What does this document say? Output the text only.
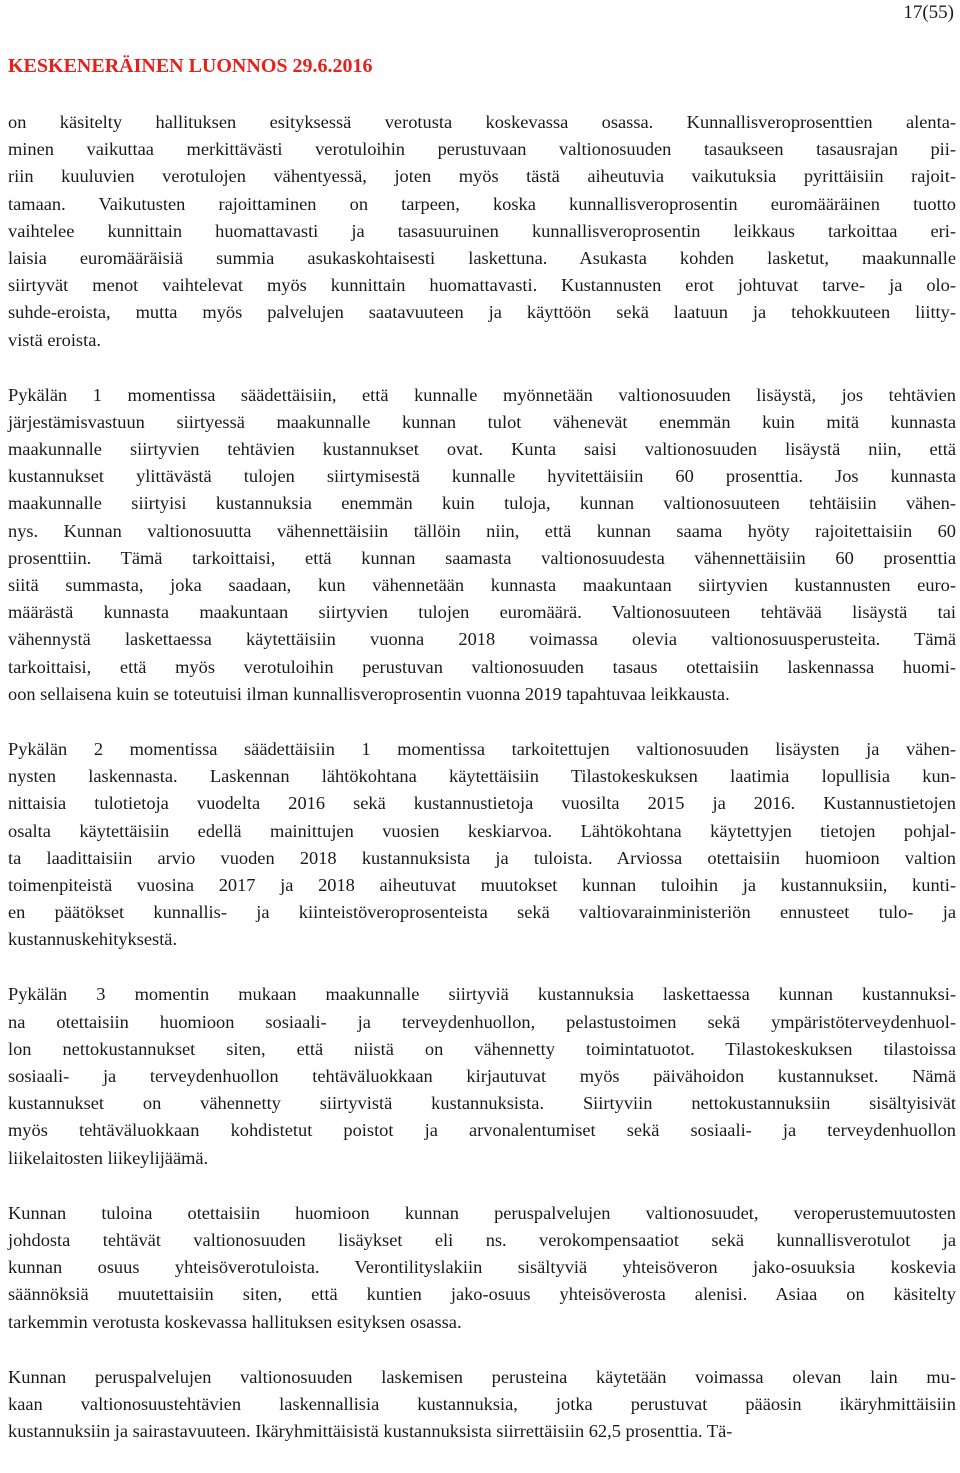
17(55)
KESKENERÄINEN LUONNOS 29.6.2016
on käsitelty hallituksen esityksessä verotusta koskevassa osassa. Kunnallisveroprosenttien alenta-
minen vaikuttaa merkittävästi verotuloihin perustuvaan valtionosuuden tasaukseen tasausrajan pii-
riin kuuluvien verotulojen vähentyessä, joten myös tästä aiheutuvia vaikutuksia pyrittäisiin rajoit-
tamaan. Vaikutusten rajoittaminen on tarpeen, koska kunnallisveroprosentin euromääräinen tuotto
vaihtelee kunnittain huomattavasti ja tasasuuruinen kunnallisveroprosentin leikkaus tarkoittaa eri-
laisia euromääräisiä summia asukaskohtaisesti laskettuna. Asukasta kohden lasketut, maakunnalle
siirtyvät menot vaihtelevat myös kunnittain huomattavasti. Kustannusten erot johtuvat tarve- ja olo-
suhde-eroista, mutta myös palvelujen saatavuuteen ja käyttöön sekä laatuun ja tehokkuuteen liitty-
vistä eroista.
Pykälän 1 momentissa säädettäisiin, että kunnalle myönnetään valtionosuuden lisäystä, jos tehtävien
järjestämisvastuun siirtyessä maakunnalle kunnan tulot vähenevät enemmän kuin mitä kunnasta
maakunnalle siirtyvien tehtävien kustannukset ovat. Kunta saisi valtionosuuden lisäystä niin, että
kustannukset ylittävästä tulojen siirtymisestä kunnalle hyvitettäisiin 60 prosenttia. Jos kunnasta
maakunnalle siirtyisi kustannuksia enemmän kuin tuloja, kunnan valtionosuuteen tehtäisiin vähen-
nys. Kunnan valtionosuutta vähennettäisiin tällöin niin, että kunnan saama hyöty rajoitettaisiin 60
prosenttiin. Tämä tarkoittaisi, että kunnan saamasta valtionosuudesta vähennettäisiin 60 prosenttia
siitä summasta, joka saadaan, kun vähennetään kunnasta maakuntaan siirtyvien kustannusten euro-
määrästä kunnasta maakuntaan siirtyvien tulojen euromäärä. Valtionosuuteen tehtävää lisäystä tai
vähennystä laskettaessa käytettäisiin vuonna 2018 voimassa olevia valtionosuusperusteita. Tämä
tarkoittaisi, että myös verotuloihin perustuvan valtionosuuden tasaus otettaisiin laskennassa huomi-
oon sellaisena kuin se toteutuisi ilman kunnallisveroprosentin vuonna 2019 tapahtuvaa leikkausta.
Pykälän 2 momentissa säädettäisiin 1 momentissa tarkoitettujen valtionosuuden lisäysten ja vähen-
nysten laskennasta. Laskennan lähtökohtana käytettäisiin Tilastokeskuksen laatimia lopullisia kun-
nittaisia tulotietoja vuodelta 2016 sekä kustannustietoja vuosilta 2015 ja 2016. Kustannustietojen
osalta käytettäisiin edellä mainittujen vuosien keskiarvoa. Lähtökohtana käytettyjen tietojen pohjal-
ta laadittaisiin arvio vuoden 2018 kustannuksista ja tuloista. Arviossa otettaisiin huomioon valtion
toimenpiteistä vuosina 2017 ja 2018 aiheutuvat muutokset kunnan tuloihin ja kustannuksiin, kunti-
en päätökset kunnallis- ja kiinteistöveroprosenteista sekä valtiovarainministeriön ennusteet tulo- ja
kustannuskehityksestä.
Pykälän 3 momentin mukaan maakunnalle siirtyviä kustannuksia laskettaessa kunnan kustannuksi-
na otettaisiin huomioon sosiaali- ja terveydenhuollon, pelastustoimen sekä ympäristöterveydenhuol-
lon nettokustannukset siten, että niistä on vähennetty toimintatuotot. Tilastokeskuksen tilastoissa
sosiaali- ja terveydenhuollon tehtäväluokkaan kirjautuvat myös päivähoidon kustannukset. Nämä
kustannukset on vähennetty siirtyvistä kustannuksista. Siirtyviin nettokustannuksiin sisältyisivät
myös tehtäväluokkaan kohdistetut poistot ja arvonalentumiset sekä sosiaali- ja terveydenhuollon
liikelaitosten liikeylijäämä.
Kunnan tuloina otettaisiin huomioon kunnan peruspalvelujen valtionosuudet, veroperustemuutosten
johdosta tehtävät valtionosuuden lisäykset eli ns. verokompensaatiot sekä kunnallisverotulot ja
kunnan osuus yhteisöverotuloista. Verontilityslakiin sisältyviä yhteisöveron jako-osuuksia koskevia
säännöksiä muutettaisiin siten, että kuntien jako-osuus yhteisöverosta alenisi. Asiaa on käsitelty
tarkemmin verotusta koskevassa hallituksen esityksen osassa.
Kunnan peruspalvelujen valtionosuuden laskemisen perusteina käytetään voimassa olevan lain mu-
kaan valtionosuustehtävien laskennallisia kustannuksia, jotka perustuvat pääosin ikäryhmittäisiin
kustannuksiin ja sairastavuuteen. Ikäryhmittäisistä kustannuksista siirrettäisiin 62,5 prosenttia. Tä-
